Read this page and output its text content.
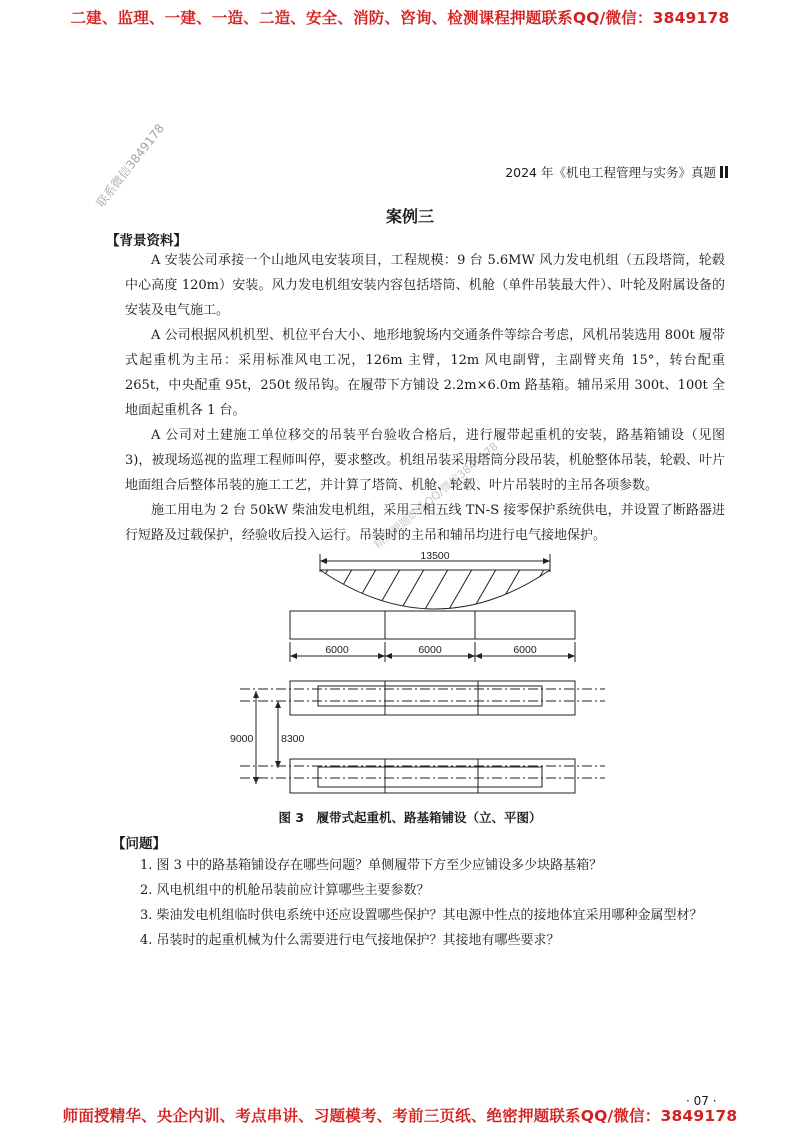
二建、监理、一建、一造、二造、安全、消防、咨询、检测课程押题联系QQ/微信：3849178
联系微信3849178
精选押题联系QQ/微信3849178
2024 年《机电工程管理与实务》真题
案例三
【背景资料】

A 安装公司承接一个山地风电安装项目，工程规模：9 台 5.6MW 风力发电机组（五段塔筒，轮毂中心高度 120m）安装。风力发电机组安装内容包括塔筒、机舱（单件吊装最大件）、叶轮及附属设备的安装及电气施工。

A 公司根据风机机型、机位平台大小、地形地貌场内交通条件等综合考虑，风机吊装选用 800t 履带式起重机为主吊：采用标准风电工况，126m 主臂，12m 风电副臂，主副臂夹角 15°，转台配重 265t，中央配重 95t，250t 级吊钩。在履带下方铺设 2.2m×6.0m 路基箱。辅吊采用 300t、100t 全地面起重机各 1 台。

A 公司对土建施工单位移交的吊装平台验收合格后，进行履带起重机的安装，路基箱铺设（见图 3)，被现场巡视的监理工程师叫停，要求整改。机组吊装采用塔筒分段吊装，机舱整体吊装，轮毂、叶片地面组合后整体吊装的施工工艺，并计算了塔筒、机舱、轮毂、叶片吊装时的主吊各项参数。

施工用电为 2 台 50kW 柴油发电机组，采用三相五线 TN-S 接零保护系统供电，并设置了断路器进行短路及过载保护，经验收后投入运行。吊装时的主吊和辅吊均进行电气接地保护。

13500
6000	6000	6000
9000	8300
图 3　履带式起重机、路基箱铺设（立、平图）
【问题】
1. 图 3 中的路基箱铺设存在哪些问题？单侧履带下方至少应铺设多少块路基箱？
2. 风电机组中的机舱吊装前应计算哪些主要参数？
3. 柴油发电机组临时供电系统中还应设置哪些保护？其电源中性点的接地体宜采用哪种金属型材？
4. 吊装时的起重机械为什么需要进行电气接地保护？其接地有哪些要求？
· 07 ·
师面授精华、央企内训、考点串讲、习题模考、考前三页纸、绝密押题联系QQ/微信：3849178
